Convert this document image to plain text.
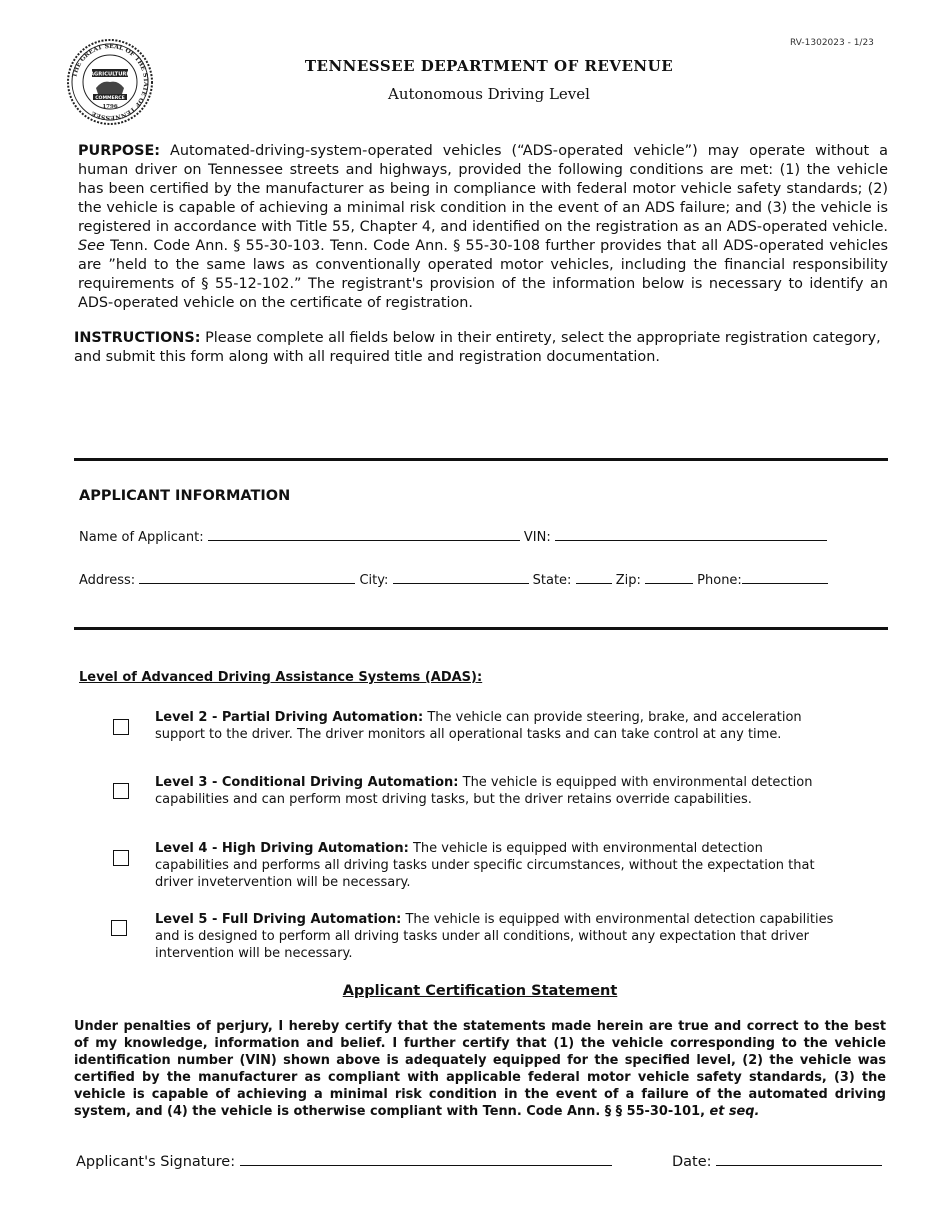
THE GREAT SEAL OF THE STATE OF TENNESSEE
AGRICULTURE
COMMERCE
1796
RV-1302023 - 1/23
TENNESSEE DEPARTMENT OF REVENUE
Autonomous Driving Level
PURPOSE: Automated-driving-system-operated vehicles (“ADS-operated vehicle”) may operate without a human driver on Tennessee streets and highways, provided the following conditions are met: (1) the vehicle has been certified by the manufacturer as being in compliance with federal motor vehicle safety standards; (2) the vehicle is capable of achieving a minimal risk condition in the event of an ADS failure; and (3) the vehicle is registered in accordance with Title 55, Chapter 4, and identified on the registration as an ADS-operated vehicle. See Tenn. Code Ann. § 55-30-103. Tenn. Code Ann. § 55-30-108 further provides that all ADS-operated vehicles are ”held to the same laws as conventionally operated motor vehicles, including the financial responsibility requirements of § 55-12-102.” The registrant's provision of the information below is necessary to identify an ADS-operated vehicle on the certificate of registration.
INSTRUCTIONS: Please complete all fields below in their entirety, select the appropriate registration category, and submit this form along with all required title and registration documentation.
APPLICANT INFORMATION
Name of Applicant:	VIN:
Address:	City:	State:	Zip:	Phone:
Level of Advanced Driving Assistance Systems (ADAS):
Level 2 - Partial Driving Automation: The vehicle can provide steering, brake, and acceleration support to the driver. The driver monitors all operational tasks and can take control at any time.
Level 3 - Conditional Driving Automation: The vehicle is equipped with environmental detection capabilities and can perform most driving tasks, but the driver retains override capabilities.
Level 4 - High Driving Automation: The vehicle is equipped with environmental detection capabilities and performs all driving tasks under specific circumstances, without the expectation that driver invetervention will be necessary.
Level 5 - Full Driving Automation: The vehicle is equipped with environmental detection capabilities and is designed to perform all driving tasks under all conditions, without any expectation that driver intervention will be necessary.
Applicant Certification Statement
Under penalties of perjury, I hereby certify that the statements made herein are true and correct to the best of my knowledge, information and belief. I further certify that (1) the vehicle corresponding to the vehicle identification number (VIN) shown above is adequately equipped for the specified level, (2) the vehicle was certified by the manufacturer as compliant with applicable federal motor vehicle safety standards, (3) the vehicle is capable of achieving a minimal risk condition in the event of a failure of the automated driving system, and (4) the vehicle is otherwise compliant with Tenn. Code Ann. § § 55-30-101, et seq.
Applicant's Signature:	Date:
